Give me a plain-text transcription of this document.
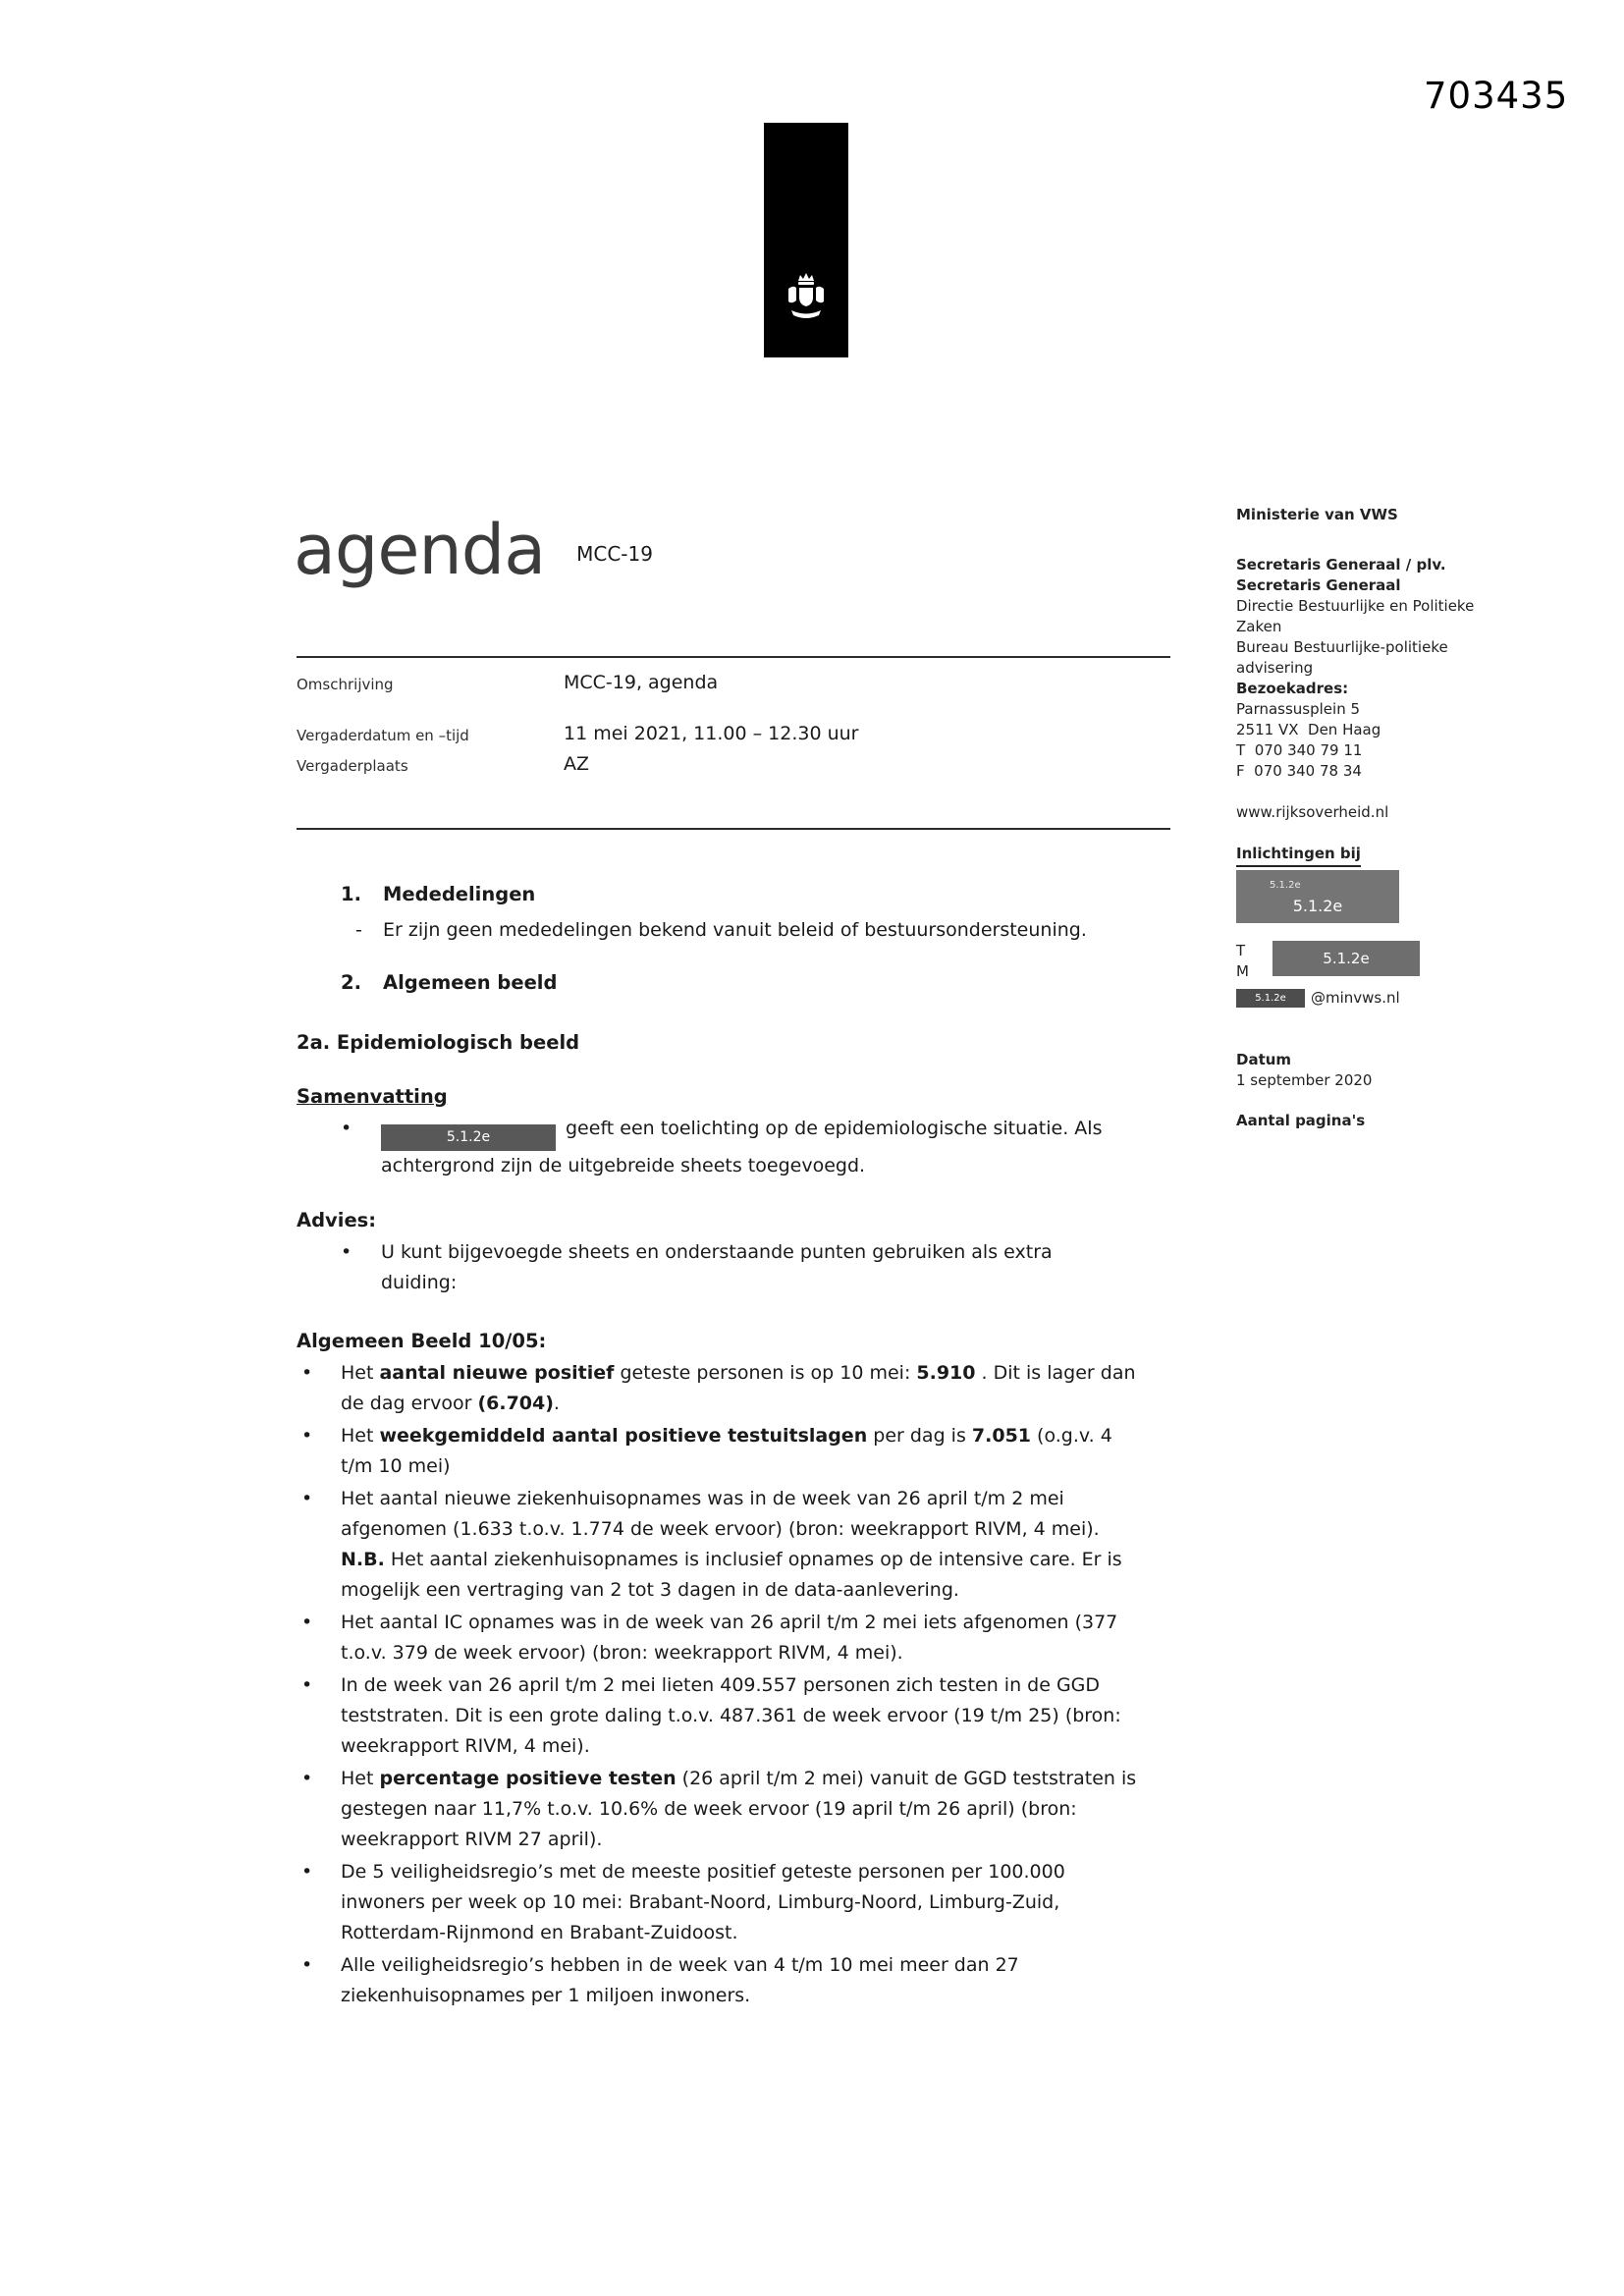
703435
agenda MCC-19
Omschrijving	MCC-19, agenda
Vergaderdatum en –tijd	11 mei 2021, 11.00 – 12.30 uur
Vergaderplaats	AZ
1. Mededelingen
- Er zijn geen mededelingen bekend vanuit beleid of bestuursondersteuning.
2. Algemeen beeld
2a. Epidemiologisch beeld
Samenvatting
•	5.1.2e	geeft een toelichting op de epidemiologische situatie. Als achtergrond zijn de uitgebreide sheets toegevoegd.
Advies:
• U kunt bijgevoegde sheets en onderstaande punten gebruiken als extra duiding:
Algemeen Beeld 10/05:
• Het aantal nieuwe positief geteste personen is op 10 mei: 5.910 . Dit is lager dan de dag ervoor (6.704).
• Het weekgemiddeld aantal positieve testuitslagen per dag is 7.051 (o.g.v. 4 t/m 10 mei)
• Het aantal nieuwe ziekenhuisopnames was in de week van 26 april t/m 2 mei afgenomen (1.633 t.o.v. 1.774 de week ervoor) (bron: weekrapport RIVM, 4 mei). N.B. Het aantal ziekenhuisopnames is inclusief opnames op de intensive care. Er is mogelijk een vertraging van 2 tot 3 dagen in de data-aanlevering.
• Het aantal IC opnames was in de week van 26 april t/m 2 mei iets afgenomen (377 t.o.v. 379 de week ervoor) (bron: weekrapport RIVM, 4 mei).
• In de week van 26 april t/m 2 mei lieten 409.557 personen zich testen in de GGD teststraten. Dit is een grote daling t.o.v. 487.361 de week ervoor (19 t/m 25) (bron: weekrapport RIVM, 4 mei).
• Het percentage positieve testen (26 april t/m 2 mei) vanuit de GGD teststraten is gestegen naar 11,7% t.o.v. 10.6% de week ervoor (19 april t/m 26 april) (bron: weekrapport RIVM 27 april).
• De 5 veiligheidsregio’s met de meeste positief geteste personen per 100.000 inwoners per week op 10 mei: Brabant-Noord, Limburg-Noord, Limburg-Zuid, Rotterdam-Rijnmond en Brabant-Zuidoost.
• Alle veiligheidsregio’s hebben in de week van 4 t/m 10 mei meer dan 27 ziekenhuisopnames per 1 miljoen inwoners.
Ministerie van VWS
Secretaris Generaal / plv.
Secretaris Generaal
Directie Bestuurlijke en Politieke
Zaken
Bureau Bestuurlijke-politieke
advisering
Bezoekadres:
Parnassusplein 5
2511 VX  Den Haag
T  070 340 79 11
F  070 340 78 34
www.rijksoverheid.nl
Inlichtingen bij
5.1.2e
5.1.2e
T
M
5.1.2e
5.1.2e	@minvws.nl
Datum
1 september 2020
Aantal pagina's
